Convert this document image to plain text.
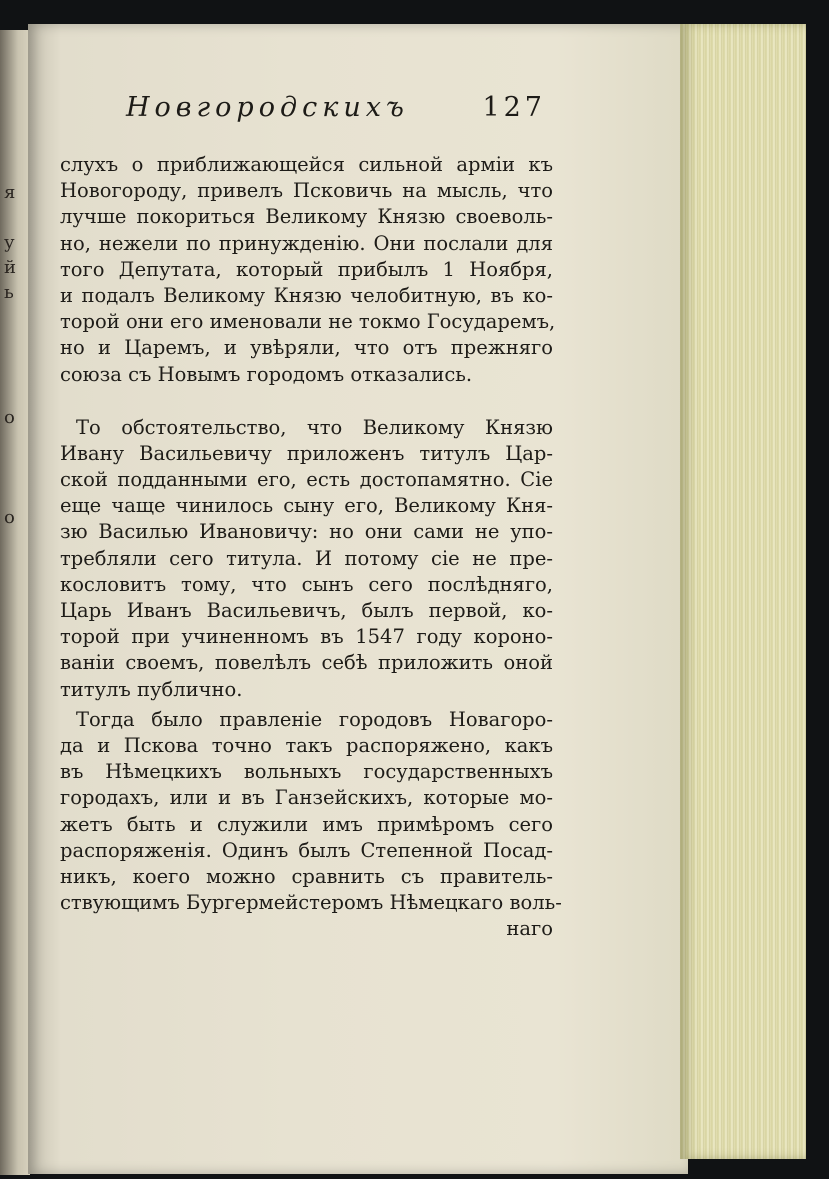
я

у
й
ь

о

о
Новгородскихъ	127
слухъ о приближающейся сильной арміи къ
Новогороду, привелъ Псковичь на мысль, что
лучше покориться Великому Князю своеволь-
но, нежели по принужденію. Они послали для
того Депутата, который прибылъ 1 Ноября,
и подалъ Великому Князю челобитную, въ ко-
торой они его именовали не токмо Государемъ,
но и Царемъ, и увѣряли, что отъ прежняго
союза съ Новымъ городомъ отказались.
То обстоятельство, что Великому Князю
Ивану Васильевичу приложенъ титулъ Цар-
ской подданными его, есть достопамятно. Сіе
еще чаще чинилось сыну его, Великому Кня-
зю Василью Ивановичу: но они сами не упо-
требляли сего титула. И потому сіе не пре-
кословитъ тому, что сынъ сего послѣдняго,
Царь Иванъ Васильевичъ, былъ первой, ко-
торой при учиненномъ въ 1547 году короно-
ваніи своемъ, повелѣлъ себѣ приложить оной
титулъ публично.
Тогда было правленіе городовъ Новагоро-
да и Пскова точно такъ распоряжено, какъ
въ Нѣмецкихъ вольныхъ государственныхъ
городахъ, или и въ Ганзейскихъ, которые мо-
жетъ быть и служили имъ примѣромъ сего
распоряженія. Одинъ былъ Степенной Посад-
никъ, коего можно сравнить съ правитель-
ствующимъ Бургермейстеромъ Нѣмецкаго воль-
наго
